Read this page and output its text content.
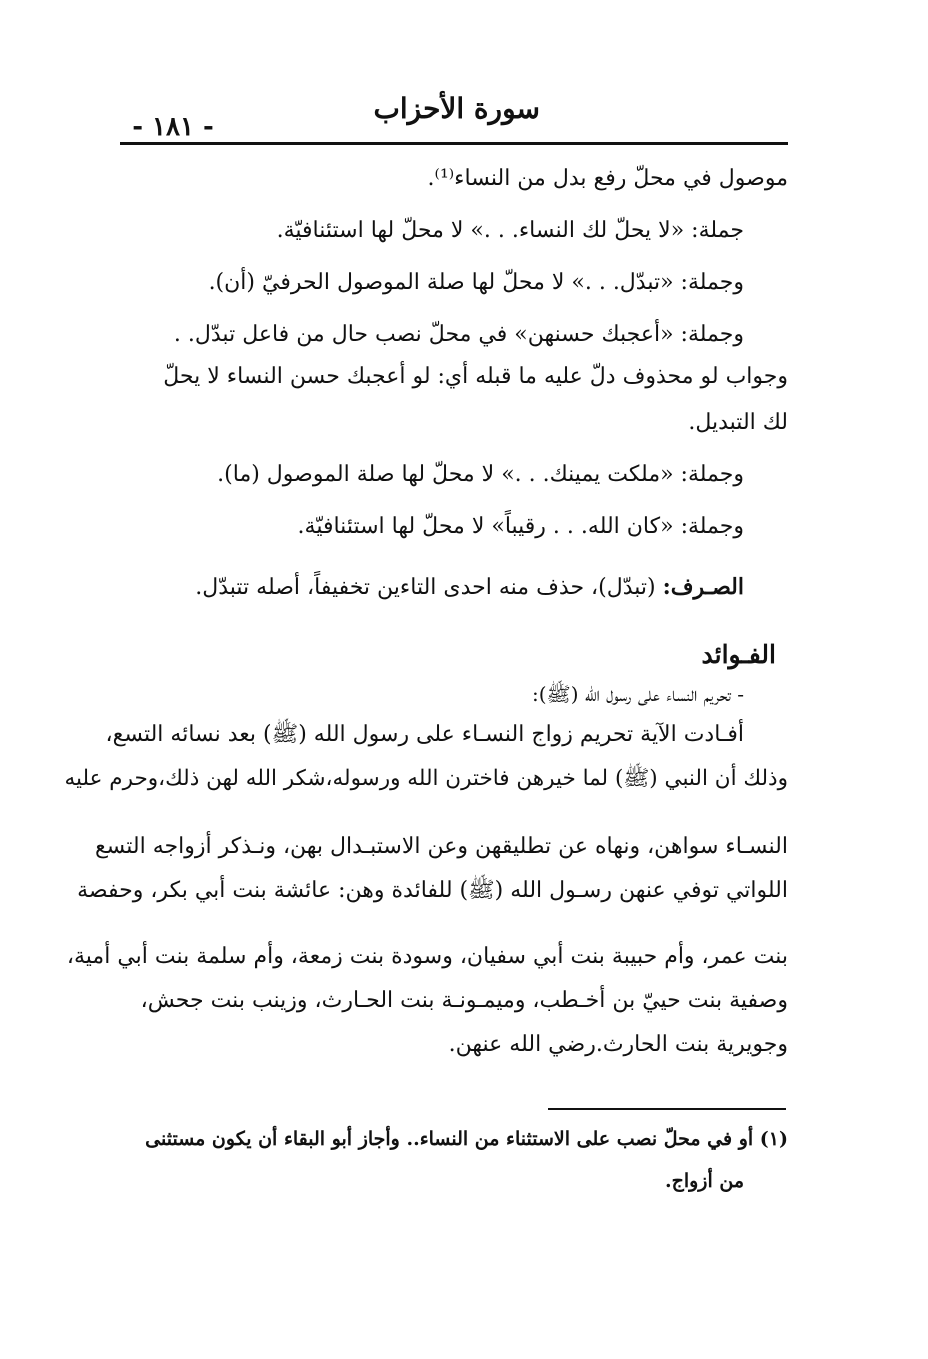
سورة الأحزاب
- ١٨١ -
موصول في محلّ رفع بدل من النساء⁽¹⁾.
جملة: «لا يحلّ لك النساء. . .» لا محلّ لها استئنافيّة.
وجملة: «تبدّل. . .» لا محلّ لها صلة الموصول الحرفيّ (أن).
وجملة: «أعجبك حسنهن» في محلّ نصب حال من فاعل تبدّل. .
وجواب لو محذوف دلّ عليه ما قبله أي: لو أعجبك حسن النساء لا يحلّ
لك التبديل.
وجملة: «ملكت يمينك. . .» لا محلّ لها صلة الموصول (ما).
وجملة: «كان الله. . . رقيباً» لا محلّ لها استئنافيّة.
الصـرف: (تبدّل)، حذف منه احدى التاءين تخفيفاً، أصله تتبدّل.
الفـوائد
- تحريم النساء على رسول الله (ﷺ):
أفـادت الآية تحريم زواج النسـاء على رسول الله (ﷺ) بعد نسائه التسع،
وذلك أن النبي (ﷺ) لما خيرهن فاخترن الله ورسوله،شكر الله لهن ذلك،وحرم عليه
النسـاء سواهن، ونهاه عن تطليقهن وعن الاستبـدال بهن، ونـذكر أزواجه التسع
اللواتي توفي عنهن رسـول الله (ﷺ) للفائدة وهن: عائشة بنت أبي بكر، وحفصة
بنت عمر، وأم حبيبة بنت أبي سفيان، وسودة بنت زمعة، وأم سلمة بنت أبي أمية،
وصفية بنت حييّ بن أخـطب، وميمـونـة بنت الحـارث، وزينب بنت جحش،
وجويرية بنت الحارث.رضي الله عنهن.
(١) أو في محلّ نصب على الاستثناء من النساء.. وأجاز أبو البقاء أن يكون مستثنى
من أزواج.
